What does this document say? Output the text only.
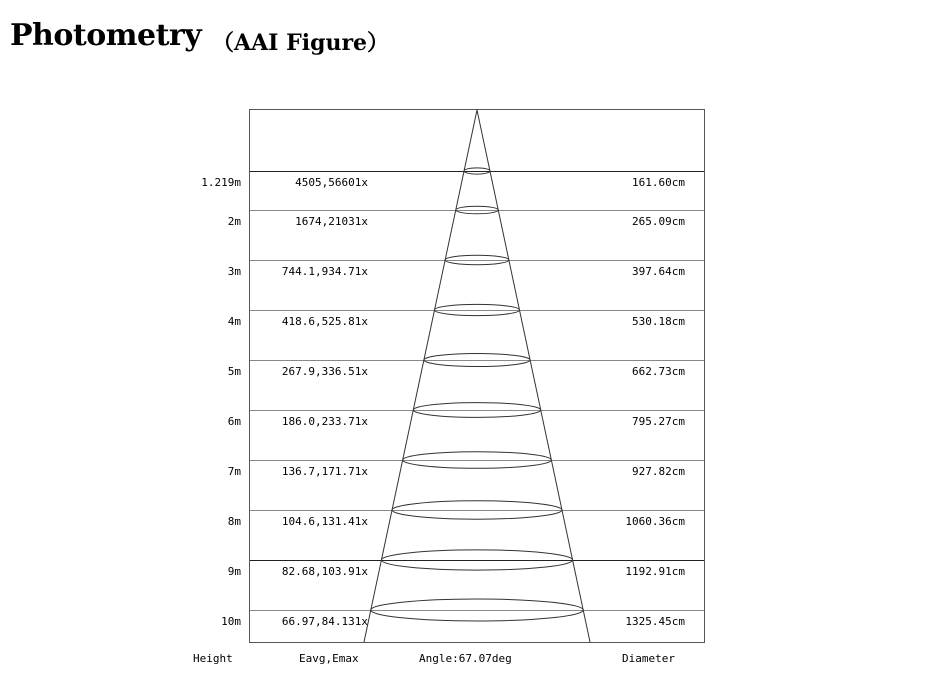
Photometry （AAI Figure）
1.219m	4505,56601x	161.60cm
2m	1674,21031x	265.09cm
3m	744.1,934.71x	397.64cm
4m	418.6,525.81x	530.18cm
5m	267.9,336.51x	662.73cm
6m	186.0,233.71x	795.27cm
7m	136.7,171.71x	927.82cm
8m	104.6,131.41x	1060.36cm
9m	82.68,103.91x	1192.91cm
10m	66.97,84.131x	1325.45cm
Height	Eavg,Emax	Angle:67.07deg	Diameter
